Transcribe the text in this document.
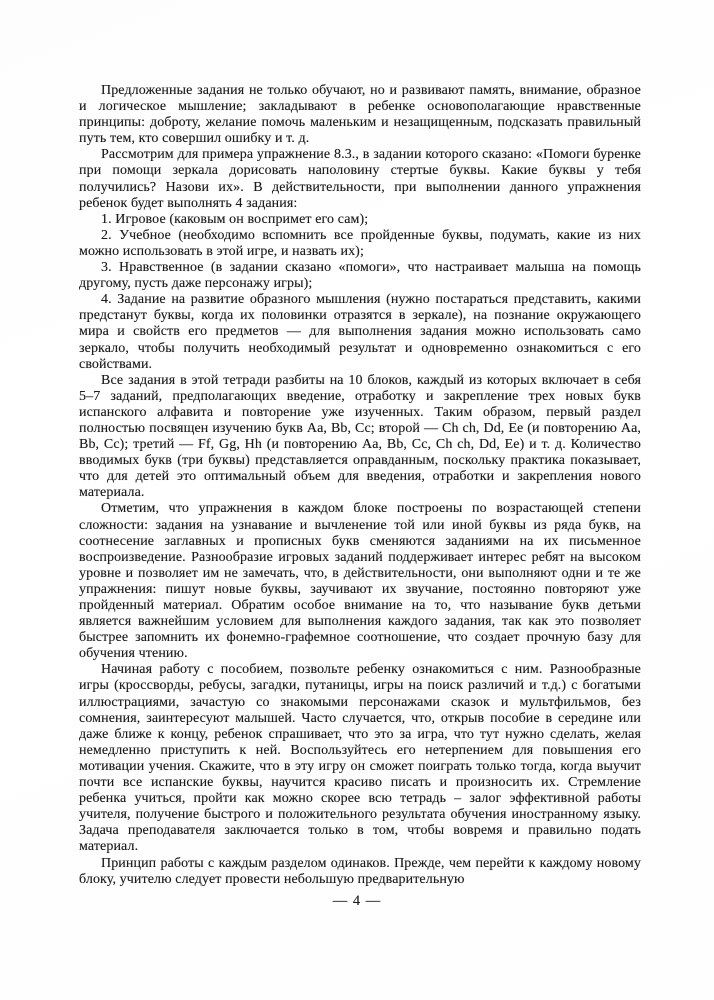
Предложенные задания не только обучают, но и развивают память, внимание, образное и логическое мышление; закладывают в ребенке основополагающие нравственные принципы: доброту, желание помочь маленьким и незащищенным, подсказать правильный путь тем, кто совершил ошибку и т. д.

Рассмотрим для примера упражнение 8.3., в задании которого сказано: «Помоги буренке при помощи зеркала дорисовать наполовину стертые буквы. Какие буквы у тебя получились? Назови их». В действительности, при выполнении данного упражнения ребенок будет выполнять 4 задания:

1. Игровое (каковым он воспримет его сам);

2. Учебное (необходимо вспомнить все пройденные буквы, подумать, какие из них можно использовать в этой игре, и назвать их);

3. Нравственное (в задании сказано «помоги», что настраивает малыша на помощь другому, пусть даже персонажу игры);

4. Задание на развитие образного мышления (нужно постараться представить, какими предстанут буквы, когда их половинки отразятся в зеркале), на познание окружающего мира и свойств его предметов — для выполнения задания можно использовать само зеркало, чтобы получить необходимый результат и одновременно ознакомиться с его свойствами.

Все задания в этой тетради разбиты на 10 блоков, каждый из которых включает в себя 5–7 заданий, предполагающих введение, отработку и закрепление трех новых букв испанского алфавита и повторение уже изученных. Таким образом, первый раздел полностью посвящен изучению букв Aa, Bb, Cc; второй — Ch ch, Dd, Ee (и повторению Aa, Bb, Cc); третий — Ff, Gg, Hh (и повторению Aa, Bb, Cc, Ch ch, Dd, Ee) и т. д. Количество вводимых букв (три буквы) представляется оправданным, поскольку практика показывает, что для детей это оптимальный объем для введения, отработки и закрепления нового материала.

Отметим, что упражнения в каждом блоке построены по возрастающей степени сложности: задания на узнавание и вычленение той или иной буквы из ряда букв, на соотнесение заглавных и прописных букв сменяются заданиями на их письменное воспроизведение. Разнообразие игровых заданий поддерживает интерес ребят на высоком уровне и позволяет им не замечать, что, в действительности, они выполняют одни и те же упражнения: пишут новые буквы, заучивают их звучание, постоянно повторяют уже пройденный материал. Обратим особое внимание на то, что называние букв детьми является важнейшим условием для выполнения каждого задания, так как это позволяет быстрее запомнить их фонемно-графемное соотношение, что создает прочную базу для обучения чтению.

Начиная работу с пособием, позвольте ребенку ознакомиться с ним. Разнообразные игры (кроссворды, ребусы, загадки, путаницы, игры на поиск различий и т.д.) с богатыми иллюстрациями, зачастую со знакомыми персонажами сказок и мультфильмов, без сомнения, заинтересуют малышей. Часто случается, что, открыв пособие в середине или даже ближе к концу, ребенок спрашивает, что это за игра, что тут нужно сделать, желая немедленно приступить к ней. Воспользуйтесь его нетерпением для повышения его мотивации учения. Скажите, что в эту игру он сможет поиграть только тогда, когда выучит почти все испанские буквы, научится красиво писать и произносить их. Стремление ребенка учиться, пройти как можно скорее всю тетрадь – залог эффективной работы учителя, получение быстрого и положительного результата обучения иностранному языку. Задача преподавателя заключается только в том, чтобы вовремя и правильно подать материал.

Принцип работы с каждым разделом одинаков. Прежде, чем перейти к каждому новому блоку, учителю следует провести небольшую предварительную

— 4 —
